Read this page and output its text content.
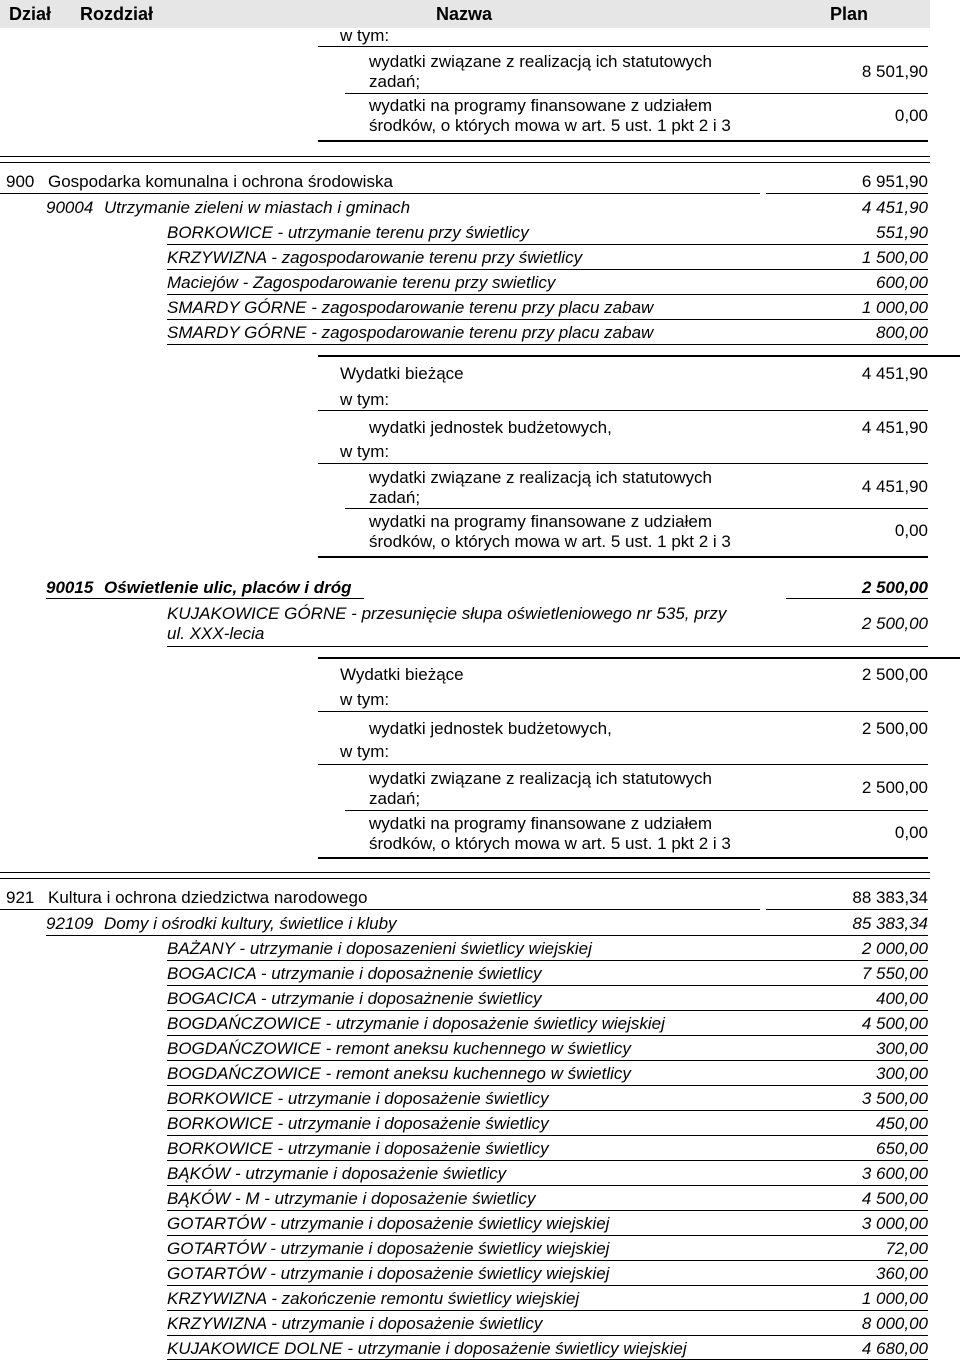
Dział Rozdział	Nazwa	Plan
w tym:
wydatki związane z realizacją ich statutowych
zadań;
8 501,90
wydatki na programy finansowane z udziałem
środków, o których mowa w art. 5 ust. 1 pkt 2 i 3
0,00
900 Gospodarka komunalna i ochrona środowiska	6 951,90
90004 Utrzymanie zieleni w miastach i gminach	4 451,90
BORKOWICE - utrzymanie terenu przy świetlicy	551,90
KRZYWIZNA - zagospodarowanie terenu przy świetlicy	1 500,00
Maciejów - Zagospodarowanie terenu przy swietlicy	600,00
SMARDY GÓRNE - zagospodarowanie terenu przy placu zabaw	1 000,00
SMARDY GÓRNE - zagospodarowanie terenu przy placu zabaw	800,00
Wydatki bieżące	4 451,90
w tym:
wydatki jednostek budżetowych,	4 451,90
w tym:
wydatki związane z realizacją ich statutowych
zadań;
4 451,90
wydatki na programy finansowane z udziałem
środków, o których mowa w art. 5 ust. 1 pkt 2 i 3
0,00
90015 Oświetlenie ulic, placów i dróg	2 500,00
KUJAKOWICE GÓRNE - przesunięcie słupa oświetleniowego nr 535, przy
ul. XXX-lecia
2 500,00
Wydatki bieżące	2 500,00
w tym:
wydatki jednostek budżetowych,	2 500,00
w tym:
wydatki związane z realizacją ich statutowych
zadań;
2 500,00
wydatki na programy finansowane z udziałem
środków, o których mowa w art. 5 ust. 1 pkt 2 i 3
0,00
921 Kultura i ochrona dziedzictwa narodowego	88 383,34
92109 Domy i ośrodki kultury, świetlice i kluby	85 383,34
BAŻANY - utrzymanie i doposazenieni świetlicy wiejskiej	2 000,00
BOGACICA - utrzymanie i doposażnenie świetlicy	7 550,00
BOGACICA - utrzymanie i doposażnenie świetlicy	400,00
BOGDAŃCZOWICE - utrzymanie i doposażenie świetlicy wiejskiej	4 500,00
BOGDAŃCZOWICE - remont aneksu kuchennego w świetlicy	300,00
BOGDAŃCZOWICE - remont aneksu kuchennego w świetlicy	300,00
BORKOWICE - utrzymanie i doposażenie świetlicy	3 500,00
BORKOWICE - utrzymanie i doposażenie świetlicy	450,00
BORKOWICE - utrzymanie i doposażenie świetlicy	650,00
BĄKÓW - utrzymanie i doposażenie świetlicy	3 600,00
BĄKÓW - M - utrzymanie i doposażenie świetlicy	4 500,00
GOTARTÓW - utrzymanie i doposażenie świetlicy wiejskiej	3 000,00
GOTARTÓW - utrzymanie i doposażenie świetlicy wiejskiej	72,00
GOTARTÓW - utrzymanie i doposażenie świetlicy wiejskiej	360,00
KRZYWIZNA - zakończenie remontu świetlicy wiejskiej	1 000,00
KRZYWIZNA - utrzymanie i doposażenie świetlicy	8 000,00
KUJAKOWICE DOLNE - utrzymanie i doposażenie świetlicy wiejskiej	4 680,00
